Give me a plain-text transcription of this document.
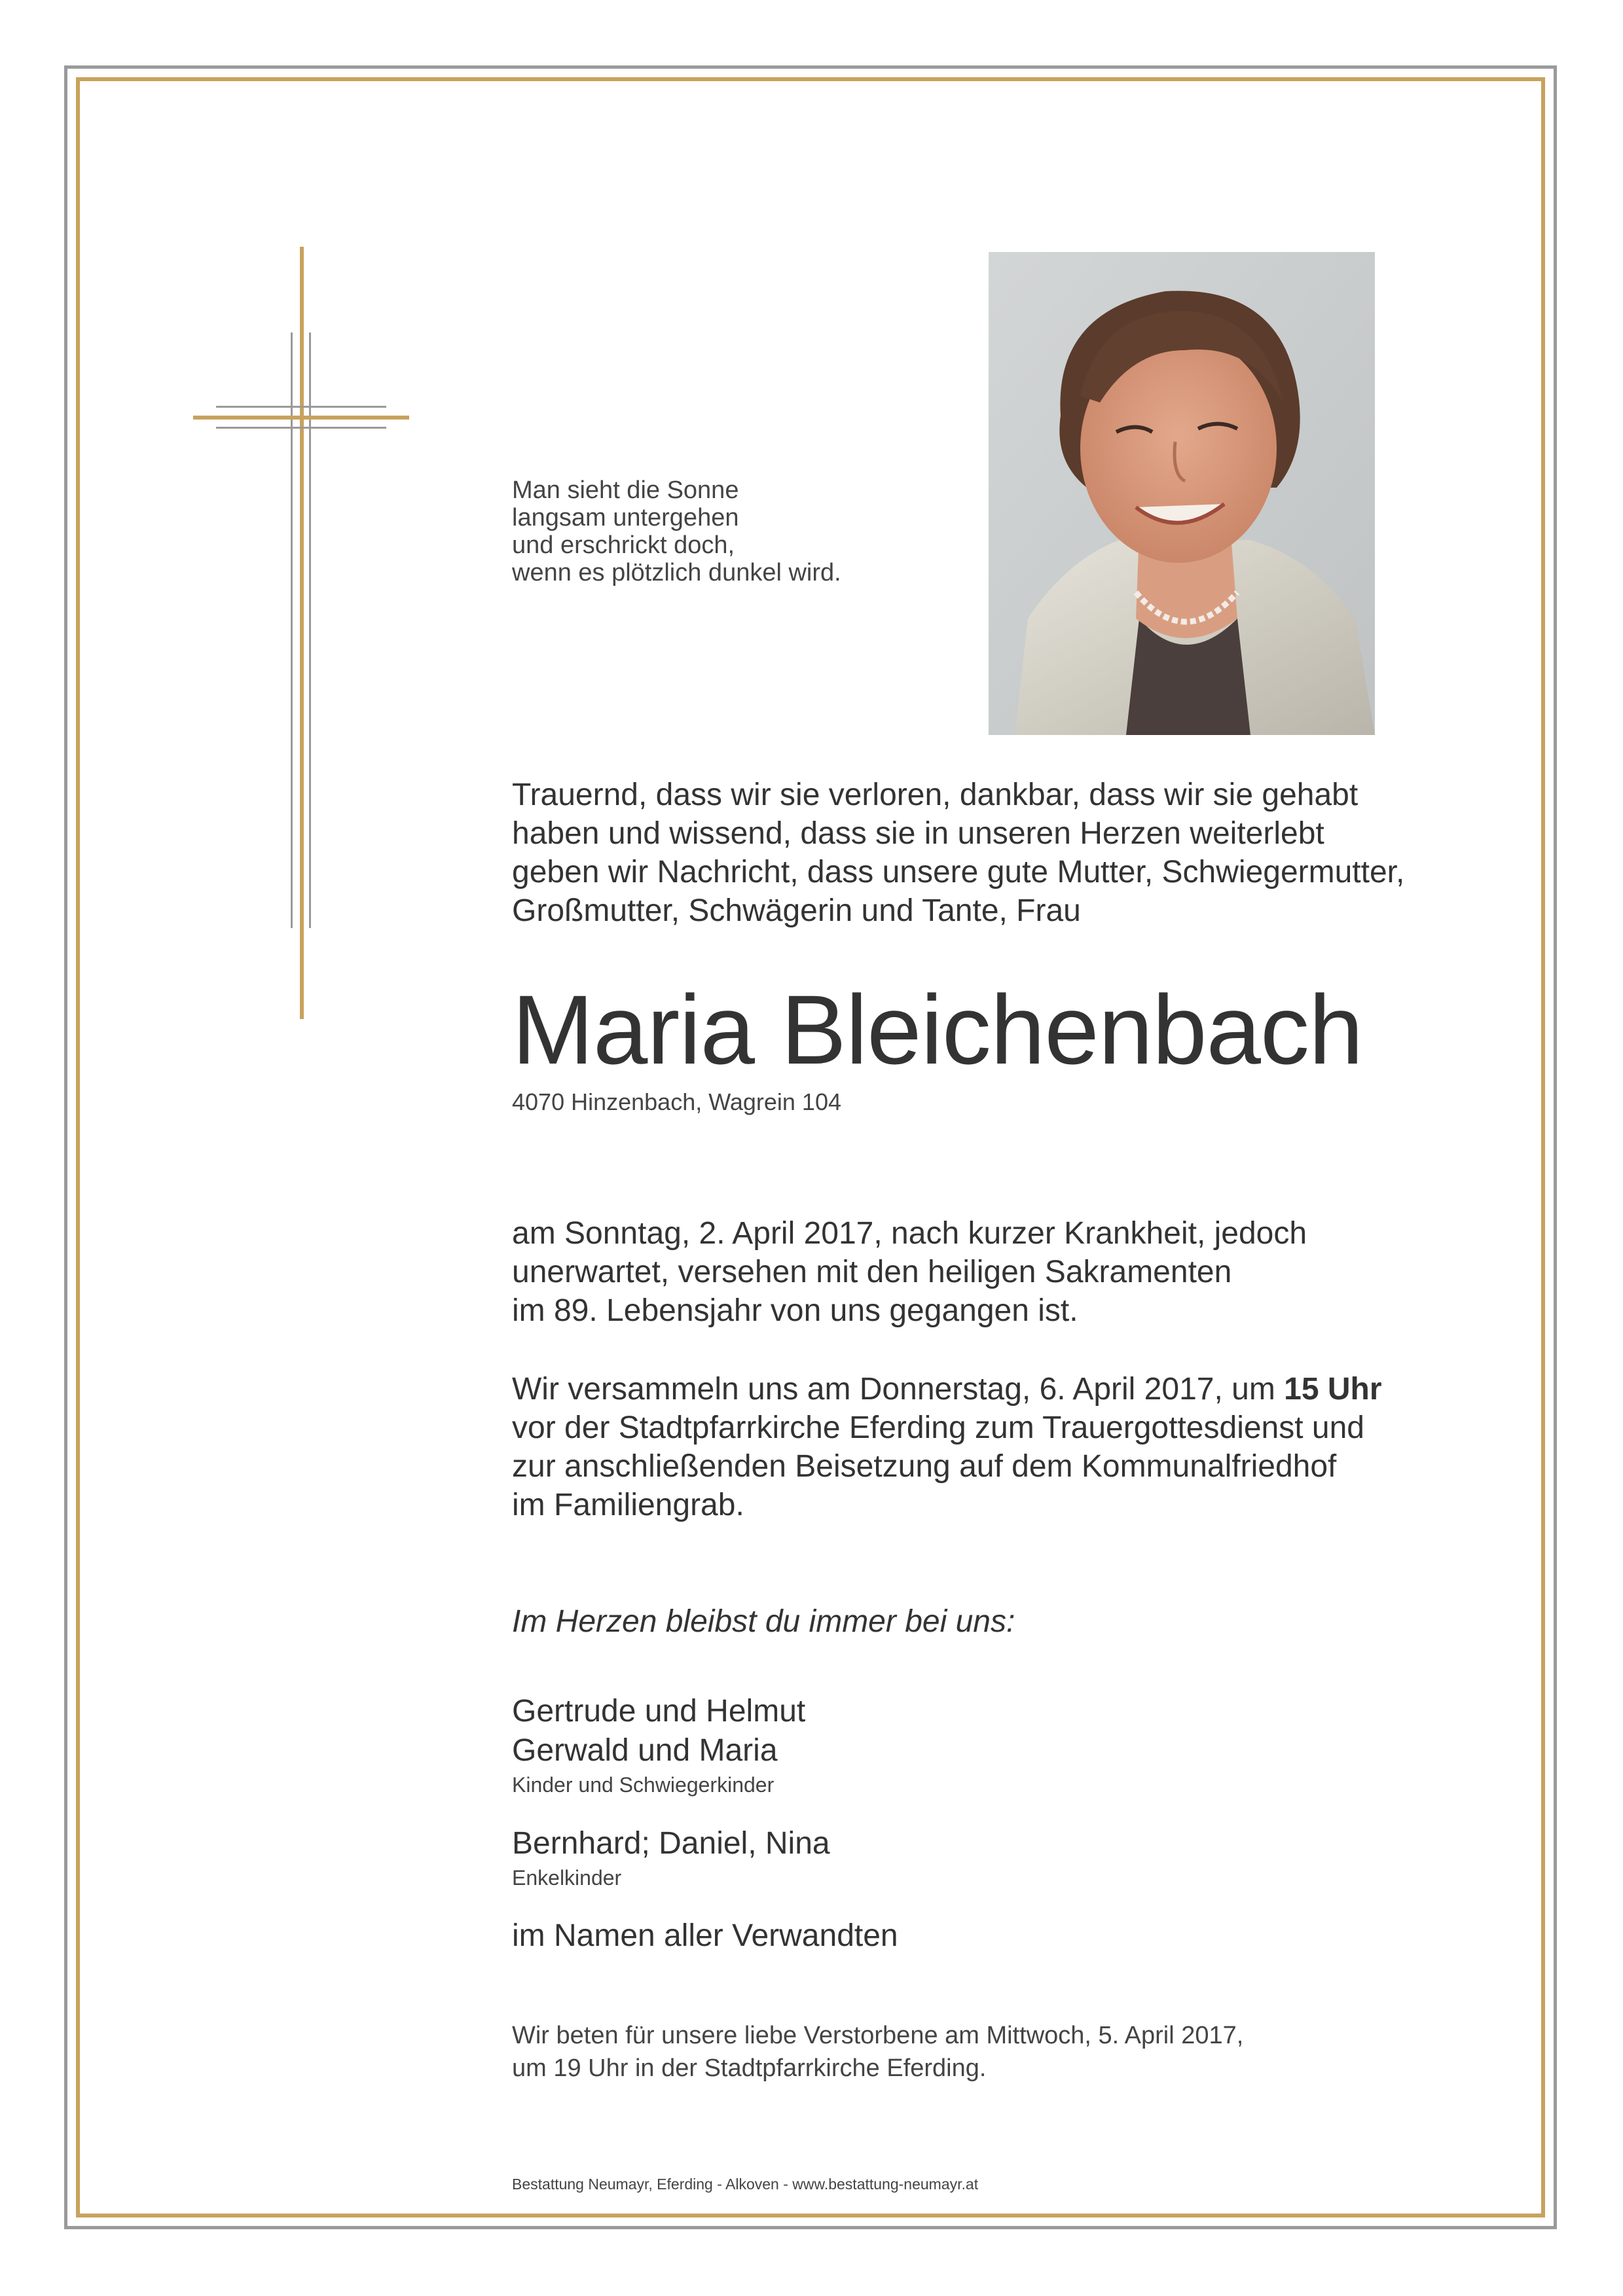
Man sieht die Sonne
langsam untergehen
und erschrickt doch,
wenn es plötzlich dunkel wird.
Trauernd, dass wir sie verloren, dankbar, dass wir sie gehabt
haben und wissend, dass sie in unseren Herzen weiterlebt
geben wir Nachricht, dass unsere gute Mutter, Schwiegermutter,
Großmutter, Schwägerin und Tante, Frau
Maria Bleichenbach
4070 Hinzenbach, Wagrein 104
am Sonntag, 2. April 2017, nach kurzer Krankheit, jedoch
unerwartet, versehen mit den heiligen Sakramenten
im 89. Lebensjahr von uns gegangen ist.
Wir versammeln uns am Donnerstag, 6. April 2017, um 15 Uhr
vor der Stadtpfarrkirche Eferding zum Trauergottesdienst und
zur anschließenden Beisetzung auf dem Kommunalfriedhof
im Familiengrab.
Im Herzen bleibst du immer bei uns:
Gertrude und Helmut
Gerwald und Maria
Kinder und Schwiegerkinder
Bernhard; Daniel, Nina
Enkelkinder
im Namen aller Verwandten
Wir beten für unsere liebe Verstorbene am Mittwoch, 5. April 2017,
um 19 Uhr in der Stadtpfarrkirche Eferding.
Bestattung Neumayr, Eferding - Alkoven - www.bestattung-neumayr.at
